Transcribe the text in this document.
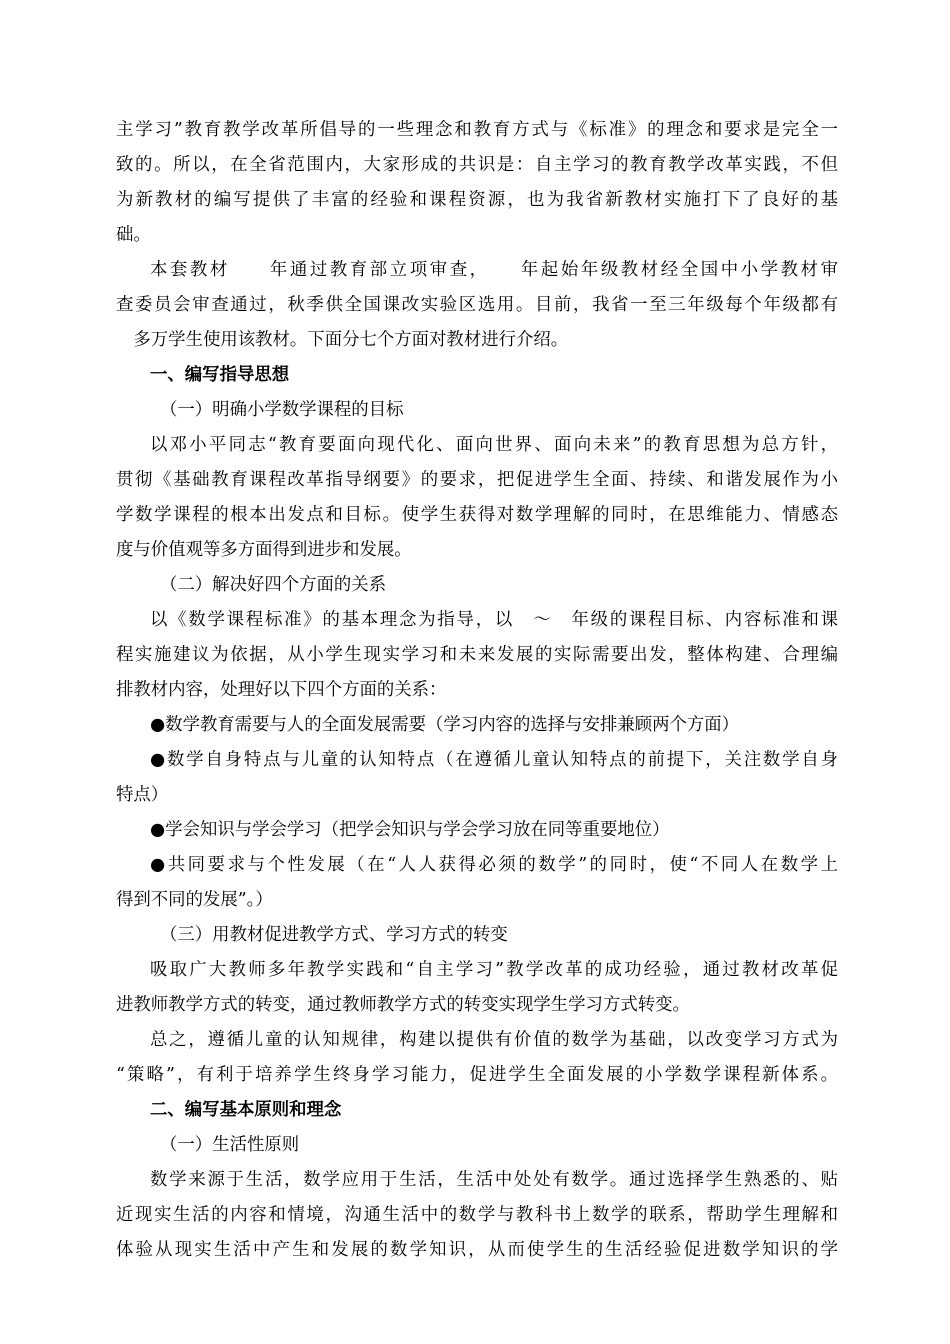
主学习”教育教学改革所倡导的一些理念和教育方式与《标准》的理念和要求是完全一
致的。所以，在全省范围内，大家形成的共识是：自主学习的教育教学改革实践，不但
为新教材的编写提供了丰富的经验和课程资源，也为我省新教材实施打下了良好的基
础。
本套教材　　年通过教育部立项审查，　　年起始年级教材经全国中小学教材审
查委员会审查通过，秋季供全国课改实验区选用。目前，我省一至三年级每个年级都有
　多万学生使用该教材。下面分七个方面对教材进行介绍。
一、编写指导思想
（一）明确小学数学课程的目标
以邓小平同志“教育要面向现代化、面向世界、面向未来”的教育思想为总方针，
贯彻《基础教育课程改革指导纲要》的要求，把促进学生全面、持续、和谐发展作为小
学数学课程的根本出发点和目标。使学生获得对数学理解的同时，在思维能力、情感态
度与价值观等多方面得到进步和发展。
（二）解决好四个方面的关系
以《数学课程标准》的基本理念为指导，以　～　年级的课程目标、内容标准和课
程实施建议为依据，从小学生现实学习和未来发展的实际需要出发，整体构建、合理编
排教材内容，处理好以下四个方面的关系：
●数学教育需要与人的全面发展需要（学习内容的选择与安排兼顾两个方面）
●数学自身特点与儿童的认知特点（在遵循儿童认知特点的前提下，关注数学自身
特点）
●学会知识与学会学习（把学会知识与学会学习放在同等重要地位）
●共同要求与个性发展（在“人人获得必须的数学”的同时，使“不同人在数学上
得到不同的发展”。）
（三）用教材促进教学方式、学习方式的转变
吸取广大教师多年教学实践和“自主学习”教学改革的成功经验，通过教材改革促
进教师教学方式的转变，通过教师教学方式的转变实现学生学习方式转变。
总之，遵循儿童的认知规律，构建以提供有价值的数学为基础，以改变学习方式为
“策略”，有利于培养学生终身学习能力，促进学生全面发展的小学数学课程新体系。
二、编写基本原则和理念
（一）生活性原则
数学来源于生活，数学应用于生活，生活中处处有数学。通过选择学生熟悉的、贴
近现实生活的内容和情境，沟通生活中的数学与教科书上数学的联系，帮助学生理解和
体验从现实生活中产生和发展的数学知识，从而使学生的生活经验促进数学知识的学
